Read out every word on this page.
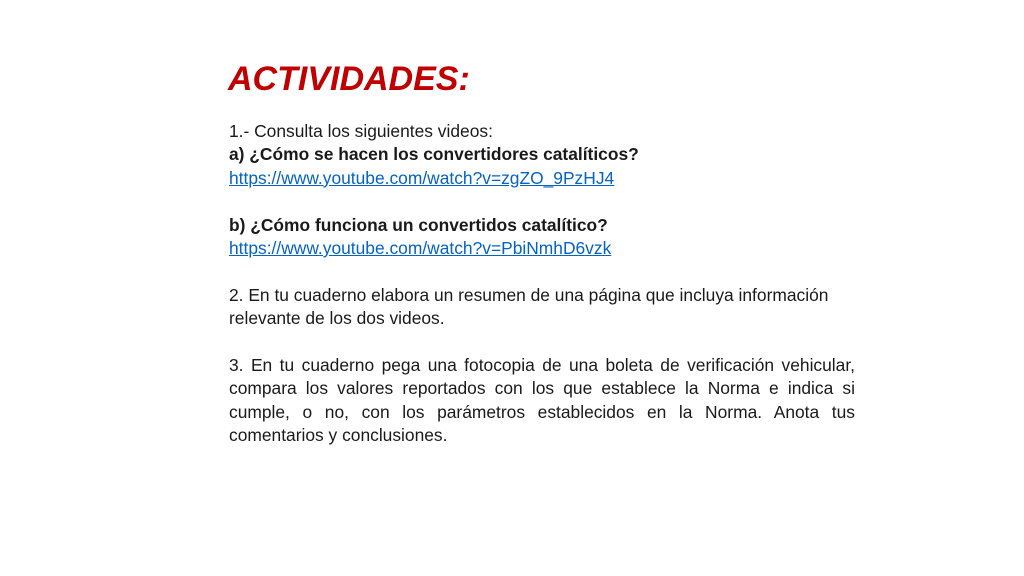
ACTIVIDADES:
1.- Consulta los siguientes videos:
a) ¿Cómo se hacen los convertidores catalíticos?
https://www.youtube.com/watch?v=zgZO_9PzHJ4
b) ¿Cómo funciona un convertidos catalítico?
https://www.youtube.com/watch?v=PbiNmhD6vzk
2. En tu cuaderno elabora un resumen de una página que incluya información
relevante de los dos videos.

3. En tu cuaderno pega una fotocopia de una boleta de verificación vehicular, compara los valores reportados con los que establece la Norma e indica si cumple, o no, con los parámetros establecidos en la Norma. Anota tus comentarios y conclusiones.
